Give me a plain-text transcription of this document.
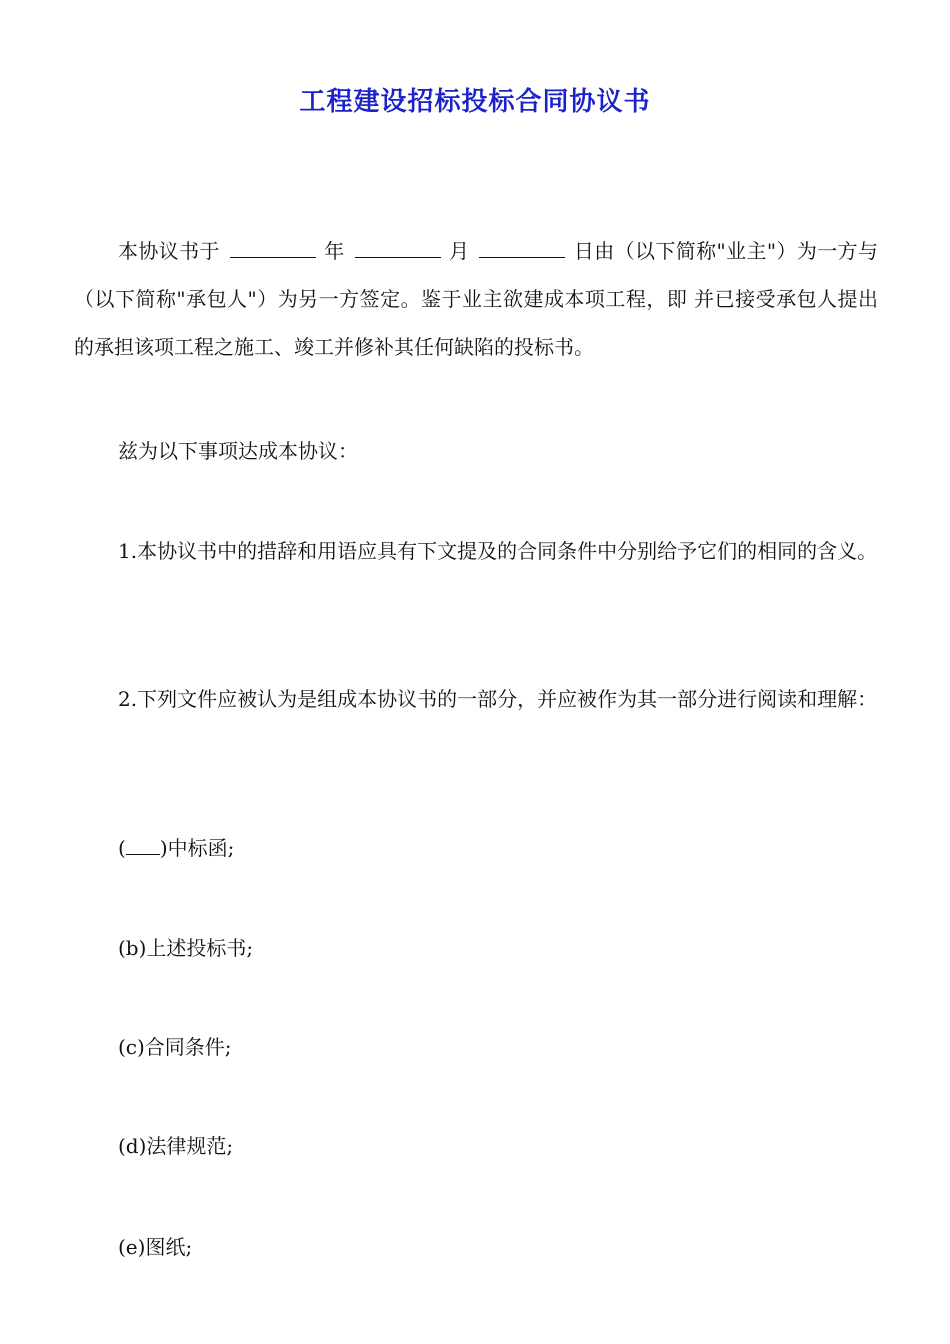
工程建设招标投标合同协议书

本协议书于	年	月	日由（以下简称"业主"）为一方与（以下简称"承包人"）为另一方签定。鉴于业主欲建成本项工程，即 并已接受承包人提出的承担该项工程之施工、竣工并修补其任何缺陷的投标书。

兹为以下事项达成本协议：

1.本协议书中的措辞和用语应具有下文提及的合同条件中分别给予它们的相同的含义。

2.下列文件应被认为是组成本协议书的一部分，并应被作为其一部分进行阅读和理解：

( )中标函;
(b)上述投标书;
(c)合同条件;
(d)法律规范;
(e)图纸;
